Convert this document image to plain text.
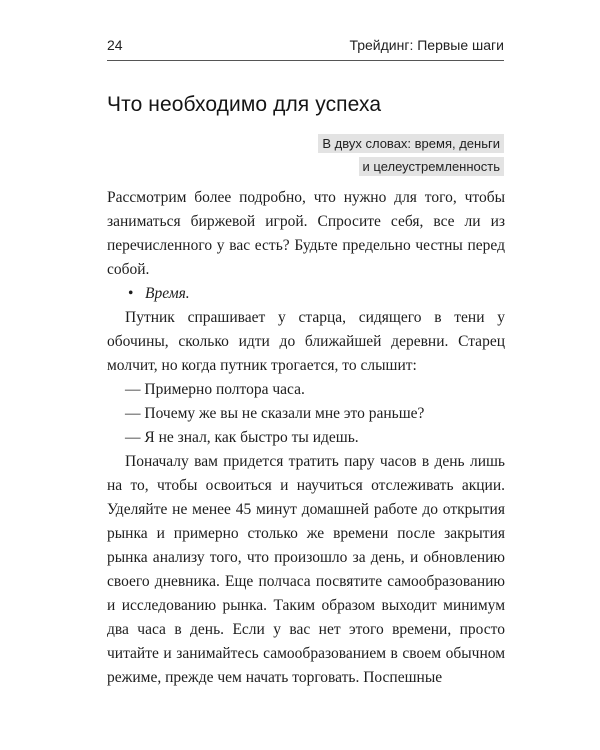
24	Трейдинг: Первые шаги
Что необходимо для успеха
В двух словах: время, деньги
и целеустремленность

Рассмотрим более подробно, что нужно для того, чтобы заниматься биржевой игрой. Спросите себя, все ли из перечисленного у вас есть? Будьте предельно честны перед собой.

• Время.

Путник спрашивает у старца, сидящего в тени у обочины, сколько идти до ближайшей деревни. Старец молчит, но когда путник трогается, то слышит:

— Примерно полтора часа.

— Почему же вы не сказали мне это раньше?

— Я не знал, как быстро ты идешь.

Поначалу вам придется тратить пару часов в день лишь на то, чтобы освоиться и научиться отслеживать акции. Уделяйте не менее 45 минут домашней работе до открытия рынка и примерно столько же времени после закрытия рынка анализу того, что произошло за день, и обновлению своего дневника. Еще полчаса посвятите самообразованию и исследованию рынка. Таким образом выходит минимум два часа в день. Если у вас нет этого времени, просто читайте и занимайтесь самообразованием в своем обычном режиме, прежде чем начать торговать. Поспешные
